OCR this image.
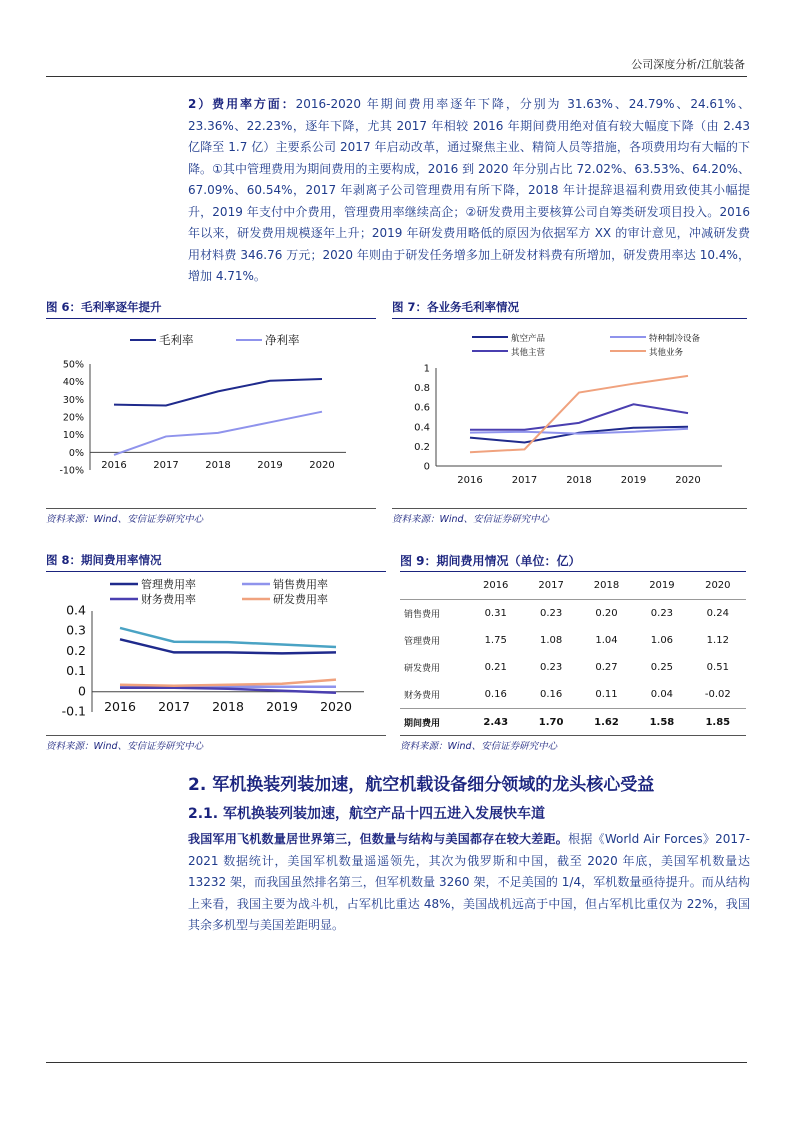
公司深度分析/江航装备
2）费用率方面：2016-2020 年期间费用率逐年下降，分别为 31.63%、24.79%、24.61%、23.36%、22.23%，逐年下降，尤其 2017 年相较 2016 年期间费用绝对值有较大幅度下降（由 2.43 亿降至 1.7 亿）主要系公司 2017 年启动改革，通过聚焦主业、精简人员等措施，各项费用均有大幅的下降。①其中管理费用为期间费用的主要构成，2016 到 2020 年分别占比 72.02%、63.53%、64.20%、67.09%、60.54%，2017 年剥离子公司管理费用有所下降，2018 年计提辞退福利费用致使其小幅提升，2019 年支付中介费用，管理费用率继续高企；②研发费用主要核算公司自筹类研发项目投入。2016 年以来，研发费用规模逐年上升；2019 年研发费用略低的原因为依据军方 XX 的审计意见，冲减研发费用材料费 346.76 万元；2020 年则由于研发任务增多加上研发材料费有所增加，研发费用率达 10.4%，增加 4.71%。
图 6：毛利率逐年提升
-10%
0%
10%
20%
30%
40%
50%
2016	2017	2018	2019	2020
毛利率	净利率
资料来源：Wind、安信证券研究中心
图 7：各业务毛利率情况
0
0.2
0.4
0.6
0.8
1
2016	2017	2018	2019	2020
航空产品	特种制冷设备
其他主营	其他业务
资料来源：Wind、安信证券研究中心
图 8：期间费用率情况
-0.1
0
0.1
0.2
0.3
0.4
2016 2017 2018 2019 2020
管理费用率	销售费用率
财务费用率	研发费用率
资料来源：Wind、安信证券研究中心
图 9：期间费用情况（单位：亿）
	2016	2017	2018	2019	2020
销售费用	0.31	0.23	0.20	0.23	0.24
管理费用	1.75	1.08	1.04	1.06	1.12
研发费用	0.21	0.23	0.27	0.25	0.51
财务费用	0.16	0.16	0.11	0.04	-0.02
期间费用	2.43	1.70	1.62	1.58	1.85
资料来源：Wind、安信证券研究中心
2. 军机换装列装加速，航空机载设备细分领域的龙头核心受益
2.1. 军机换装列装加速，航空产品十四五进入发展快车道
我国军用飞机数量居世界第三，但数量与结构与美国都存在较大差距。根据《World Air Forces》2017-2021 数据统计，美国军机数量遥遥领先，其次为俄罗斯和中国，截至 2020 年底，美国军机数量达 13232 架，而我国虽然排名第三，但军机数量 3260 架，不足美国的 1/4，军机数量亟待提升。而从结构上来看，我国主要为战斗机，占军机比重达 48%，美国战机远高于中国，但占军机比重仅为 22%，我国其余多机型与美国差距明显。
